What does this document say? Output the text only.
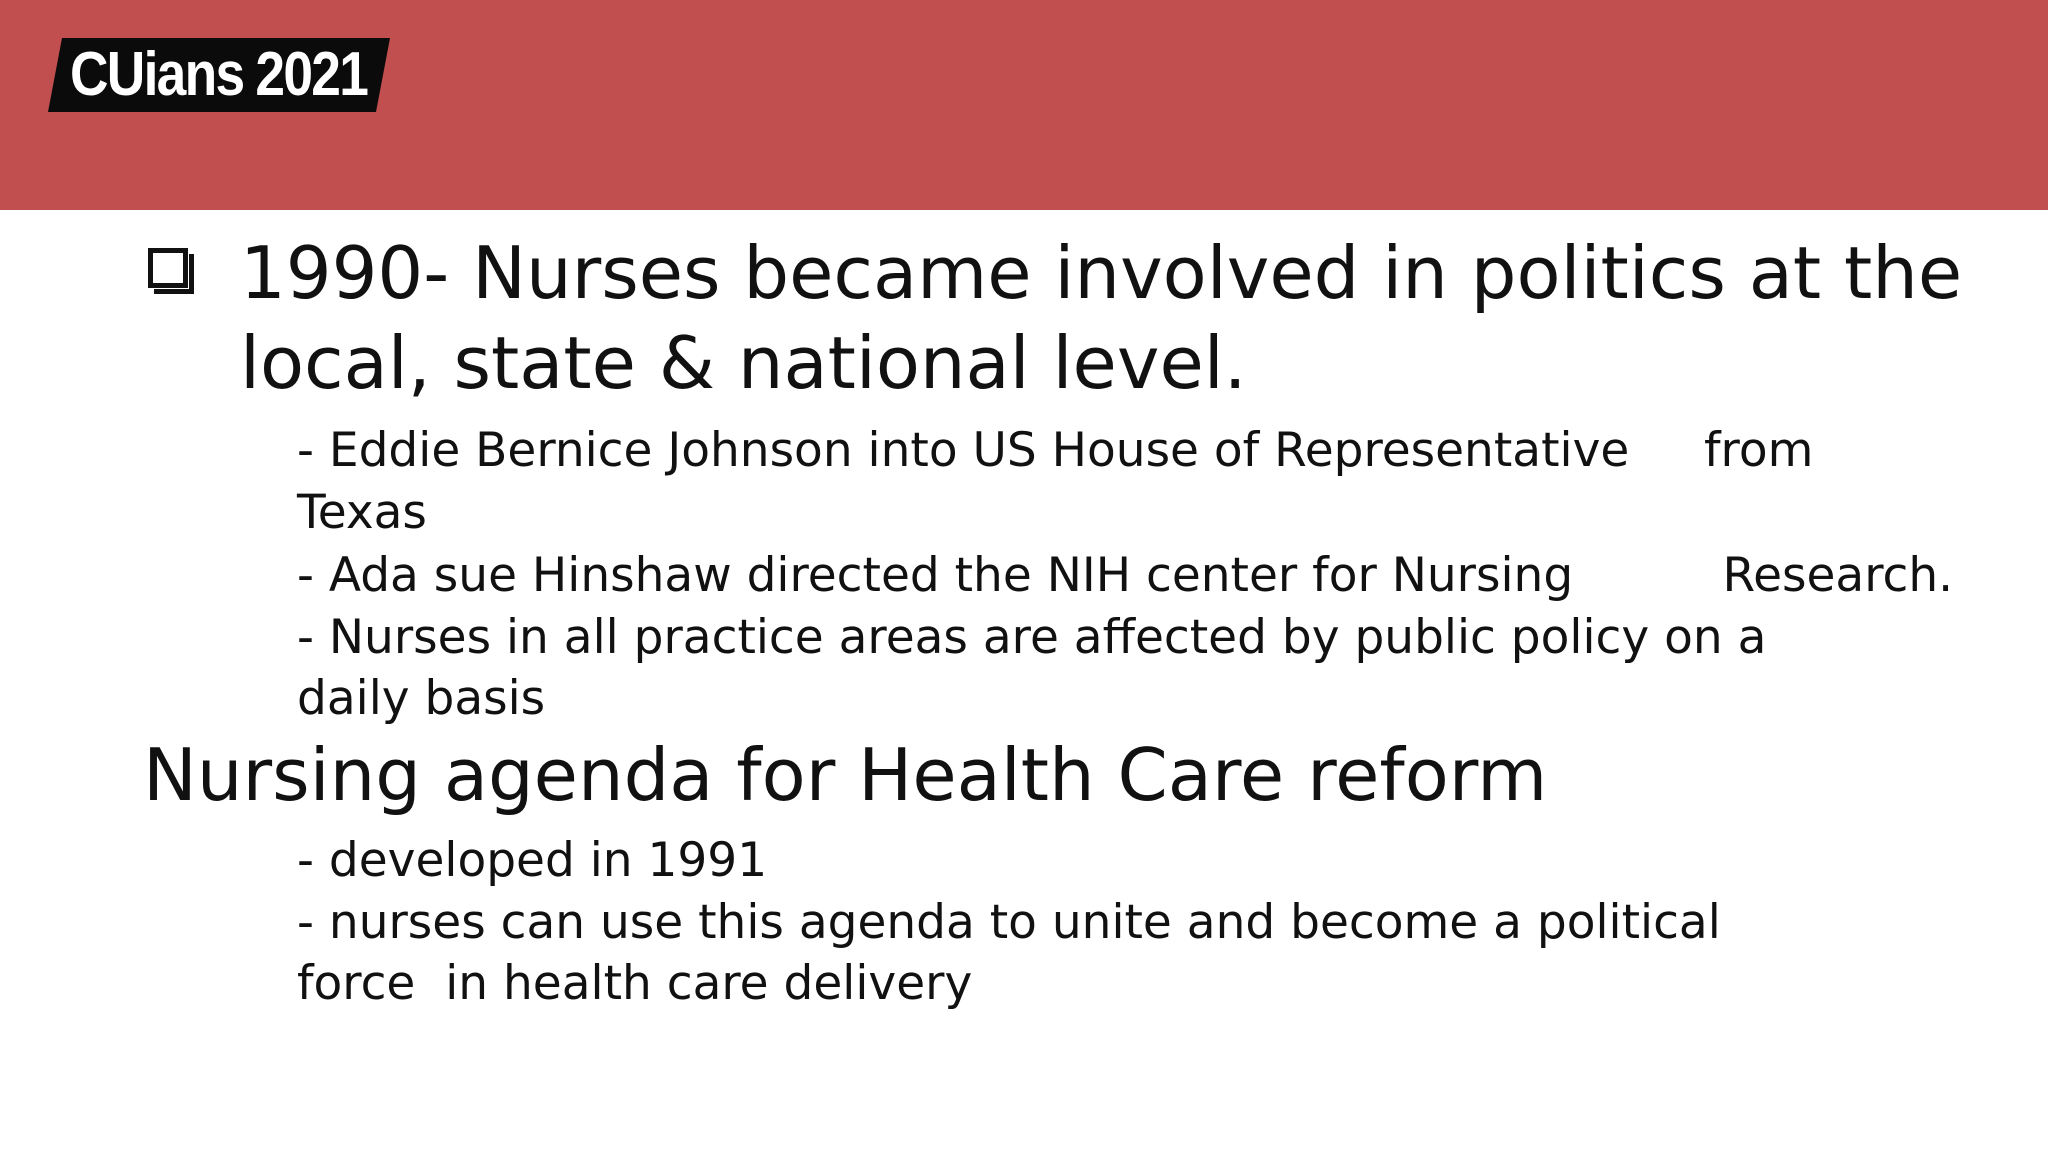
CUians 2021
1990- Nurses became involved in politics at the
local, state & national level.
- Eddie Bernice Johnson into US House of Representative     from
Texas
- Ada sue Hinshaw directed the NIH center for Nursing          Research.
- Nurses in all practice areas are affected by public policy on a
daily basis
Nursing agenda for Health Care reform
- developed in 1991
- nurses can use this agenda to unite and become a political
force  in health care delivery
